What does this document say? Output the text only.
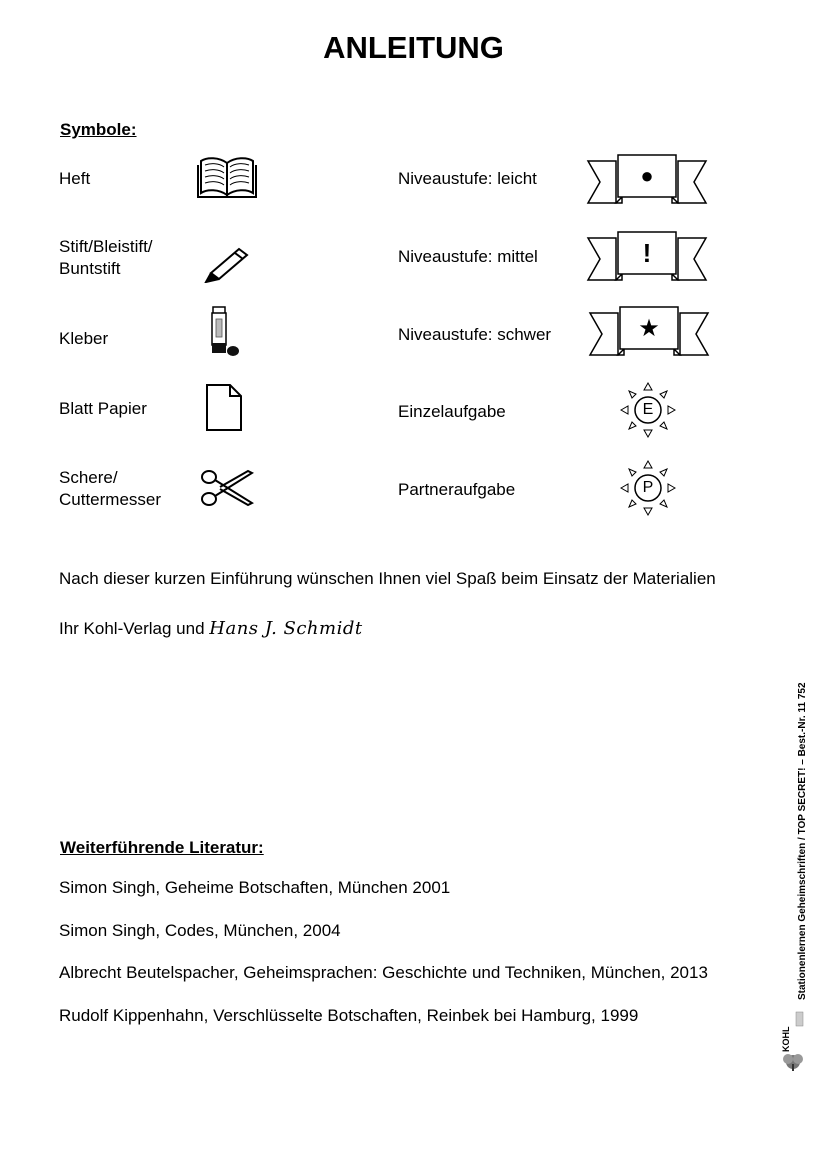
ANLEITUNG
Symbole:
Heft
Stift/Bleistift/
Buntstift
Kleber
Blatt Papier
Schere/
Cuttermesser
Niveaustufe: leicht
Niveaustufe: mittel
Niveaustufe: schwer
Einzelaufgabe
Partneraufgabe
●
!
★
E
P
Nach dieser kurzen Einführung wünschen Ihnen viel Spaß beim Einsatz der Materialien
Ihr Kohl-Verlag und Hans J. Schmidt
Weiterführende Literatur:
Simon Singh, Geheime Botschaften, München 2001
Simon Singh, Codes, München, 2004
Albrecht Beutelspacher, Geheimsprachen: Geschichte und Techniken, München, 2013
Rudolf Kippenhahn, Verschlüsselte Botschaften, Reinbek bei Hamburg, 1999
Stationenlernen Geheimschriften / TOP SECRET! – Best.-Nr. 11 752
KOHL
